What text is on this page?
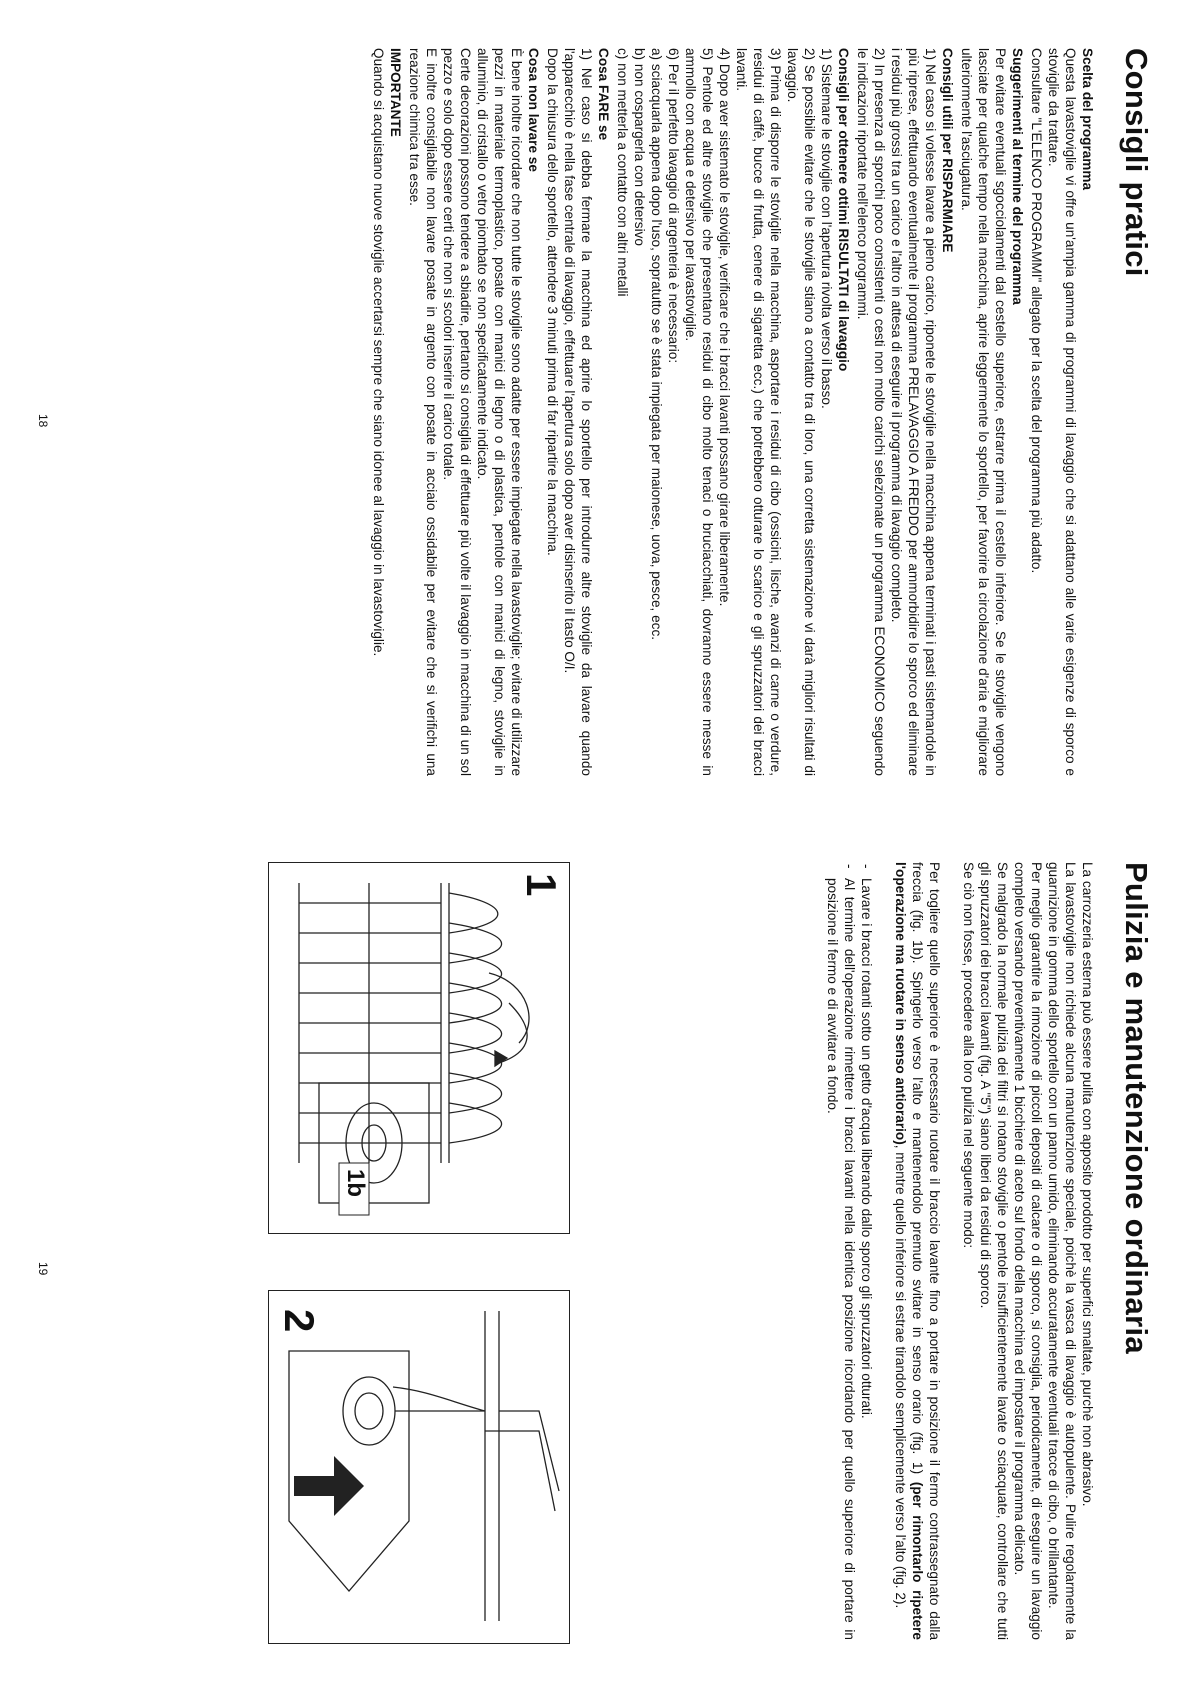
Consigli pratici
Scelta del programma
Questa lavastoviglie vi offre un'ampia gamma di programmi di lavaggio che si adattano alle varie esigenze di sporco e stoviglie da trattare.
Consultare "L'ELENCO PROGRAMMI" allegato per la scelta del programma più adatto.
Suggerimenti al termine del programma
Per evitare eventuali sgocciolamenti dal cestello superiore, estrarre prima il cestello inferiore. Se le stoviglie vengono lasciate per qualche tempo nella macchina, aprire leggermente lo sportello, per favorire la circolazione d'aria e migliorare ulteriormente l'asciugatura.
Consigli utili per RISPARMIARE
1) Nel caso si volesse lavare a pieno carico, riponete le stoviglie nella macchina appena terminati i pasti sistemandole in più riprese, effettuando eventualmente il programma PRELAVAGGIO A FREDDO per ammorbidire lo sporco ed eliminare i residui più grossi tra un carico e l'altro in attesa di eseguire il programma di lavaggio completo.
2) In presenza di sporchi poco consistenti o cesti non molto carichi selezionate un programma ECONOMICO seguendo le indicazioni riportate nell'elenco programmi.
Consigli per ottenere ottimi RISULTATI di lavaggio
1) Sistemare le stoviglie con l'apertura rivolta verso il basso.
2) Se possibile evitare che le stoviglie stiano a contatto tra di loro, una corretta sistemazione vi darà migliori risultati di lavaggio.
3) Prima di disporre le stoviglie nella macchina, asportare i residui di cibo (ossicini, lische, avanzi di carne o verdure, residui di caffè, bucce di frutta, cenere di sigaretta ecc.) che potrebbero otturare lo scarico e gli spruzzatori dei bracci lavanti.
4) Dopo aver sistemato le stoviglie, verificare che i bracci lavanti possano girare liberamente.
5) Pentole ed altre stoviglie che presentano residui di cibo molto tenaci o bruciacchiati, dovranno essere messe in ammollo con acqua e detersivo per lavastoviglie.
6) Per il perfetto lavaggio di argenteria è necessario:
a) sciacquarla appena dopo l'uso, sopratutto se è stata impiegata per maionese, uova, pesce, ecc.
b) non cospargerla con detersivo
c) non metterla a contatto con altri metalli
Cosa FARE se
1) Nel caso si debba fermare la macchina ed aprire lo sportello per introdurre altre stoviglie da lavare quando l'apparecchio è nella fase centrale di lavaggio, effettuare l'apertura solo dopo aver disinserito il tasto O/I.
Dopo la chiusura dello sportello, attendere 3 minuti prima di far ripartire la macchina.
Cosa non lavare se
È bene inoltre ricordare che non tutte le stoviglie sono adatte per essere impiegate nella lavastoviglie; evitare di utilizzare pezzi in materiale termoplastico, posate con manici di legno o di plastica, pentole con manici di legno, stoviglie in alluminio, di cristallo o vetro piombato se non specificatamente indicato.
Certe decorazioni possono tendere a sbiadire, pertanto si consiglia di effettuare più volte il lavaggio in macchina di un sol pezzo e solo dopo essere certi che non si scolori inserire il carico totale.
E inoltre consigliabile non lavare posate in argento con posate in acciaio ossidabile per evitare che si verifichi una reazione chimica tra esse.
IMPORTANTE
Quando si acquistano nuove stoviglie accertarsi sempre che siano idonee al lavaggio in lavastoviglie.
18
Pulizia e manutenzione ordinaria
La carrozzeria esterna può essere pulita con apposito prodotto per superfici smaltate, purchè non abrasivo.
La lavastoviglie non richiede alcuna manutenzione speciale, poichè la vasca di lavaggio è autopulente. Pulire regolarmente la guarnizione in gomma dello sportello con un panno umido, eliminando accuratamente eventuali tracce di cibo, o brillantante.
Per meglio garantire la rimozione di piccoli depositi di calcare o di sporco, si consiglia, periodicamente, di eseguire un lavaggio completo versando preventivamente 1 bicchiere di aceto sul fondo della macchina ed impostare il programma delicato.
Se malgrado la normale pulizia dei filtri si notano stoviglie o pentole insufficientemente lavate o sciacquate, controllare che tutti gli spruzzatori dei bracci lavanti (fig. A "5") siano liberi da residui di sporco.
Se ciò non fosse, procedere alla loro pulizia nel seguente modo:
Per togliere quello superiore è necessario ruotare il braccio lavante fino a portare in posizione il fermo contrassegnato dalla freccia (fig. 1b). Spingerlo verso l'alto e mantenendolo premuto svitare in senso orario (fig. 1) (per rimontarlo ripetere l'operazione ma ruotare in senso antiorario), mentre quello inferiore si estrae tirandolo semplicemente verso l'alto (fig. 2).
- Lavare i bracci rotanti sotto un getto d'acqua liberando dallo sporco gli spruzzatori otturati.
- Al termine dell'operazione rimettere i bracci lavanti nella identica posizione ricordando per quello superiore di portare in posizione il fermo e di avvitare a fondo.
1
1b
2
19
